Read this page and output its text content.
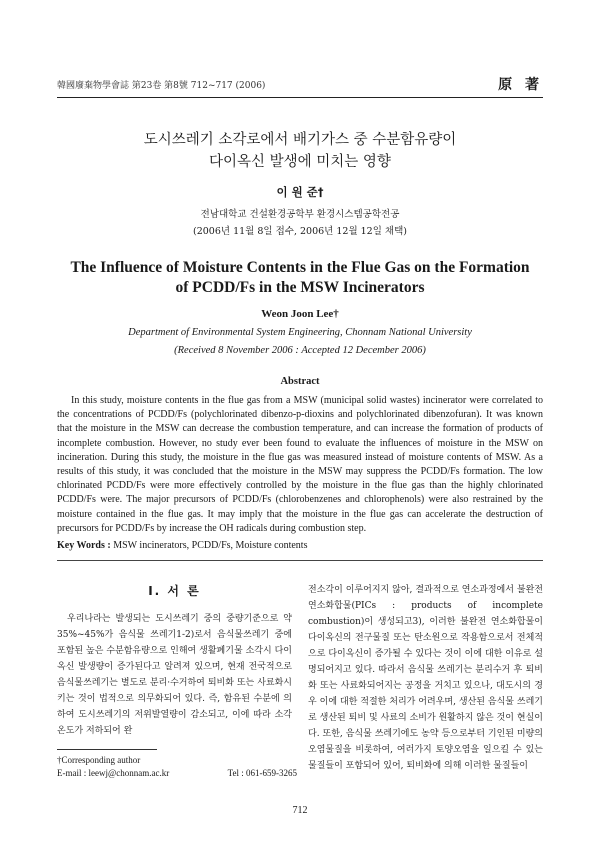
韓國廢棄物學會誌 第23卷 第8號 712~717 (2006)	原 著
도시쓰레기 소각로에서 배기가스 중 수분함유량이
다이옥신 발생에 미치는 영향
이 원 준†
전남대학교 건설환경공학부 환경시스템공학전공
(2006년 11월 8일 접수, 2006년 12월 12일 채택)
The Influence of Moisture Contents in the Flue Gas on the Formation
of PCDD/Fs in the MSW Incinerators
Weon Joon Lee†
Department of Environmental System Engineering, Chonnam National University
(Received 8 November 2006 : Accepted 12 December 2006)
Abstract

In this study, moisture contents in the flue gas from a MSW (municipal solid wastes) incinerator were correlated to the concentrations of PCDD/Fs (polychlorinated dibenzo-p-dioxins and polychlorinated dibenzofuran). It was known that the moisture in the MSW can decrease the combustion temperature, and can increase the formation of products of incomplete combustion. However, no study ever been found to evaluate the influences of moisture in the MSW on incineration. During this study, the moisture in the flue gas was measured instead of moisture contents of MSW. As a results of this study, it was concluded that the moisture in the MSW may suppress the PCDD/Fs formation. The low chlorinated PCDD/Fs were more effectively controlled by the moisture in the flue gas than the highly chlorinated PCDD/Fs were. The major precursors of PCDD/Fs (chlorobenzenes and chlorophenols) were also restrained by the moisture contained in the flue gas. It may imply that the moisture in the flue gas can accelerate the destruction of precursors for PCDD/Fs by increase the OH radicals during combustion step.

Key Words : MSW incinerators, PCDD/Fs, Moisture contents
I. 서 론

우리나라는 발생되는 도시쓰레기 중의 중량기준으로 약 35%~45%가 음식물 쓰레기1-2)로서 음식물쓰레기 중에 포함된 높은 수분함유량으로 인해여 생활폐기물 소각시 다이옥신 발생량이 증가된다고 알려져 있으며, 현재 전국적으로 음식물쓰레기는 별도로 분리·수거하여 퇴비화 또는 사료화시키는 것이 법적으로 의무화되어 있다. 즉, 함유된 수분에 의하여 도시쓰레기의 저위발열량이 감소되고, 이에 따라 소각온도가 저하되어 완

전소각이 이루어지지 않아, 결과적으로 연소과정에서 불완전연소화합물(PICs : products of incomplete combustion)이 생성되고3), 이러한 불완전 연소화합물이 다이옥신의 전구물질 또는 탄소원으로 작용함으로서 전체적으로 다이옥신이 증가될 수 있다는 것이 이에 대한 이유로 설명되어지고 있다. 따라서 음식물 쓰레기는 분리수거 후 퇴비화 또는 사료화되어지는 공정을 거치고 있으나, 대도시의 경우 이에 대한 적절한 처리가 어려우며, 생산된 음식물 쓰레기로 생산된 퇴비 및 사료의 소비가 원활하지 않은 것이 현실이다. 또한, 음식물 쓰레기에도 농약 등으로부터 기인된 미량의 오염물질을 비롯하여, 여러가지 토양오염을 일으킬 수 있는 물질들이 포함되어 있어, 퇴비화에 의해 이러한 물질들이

†Corresponding author
E-mail : leewj@chonnam.ac.kr	Tel : 061-659-3265
712
